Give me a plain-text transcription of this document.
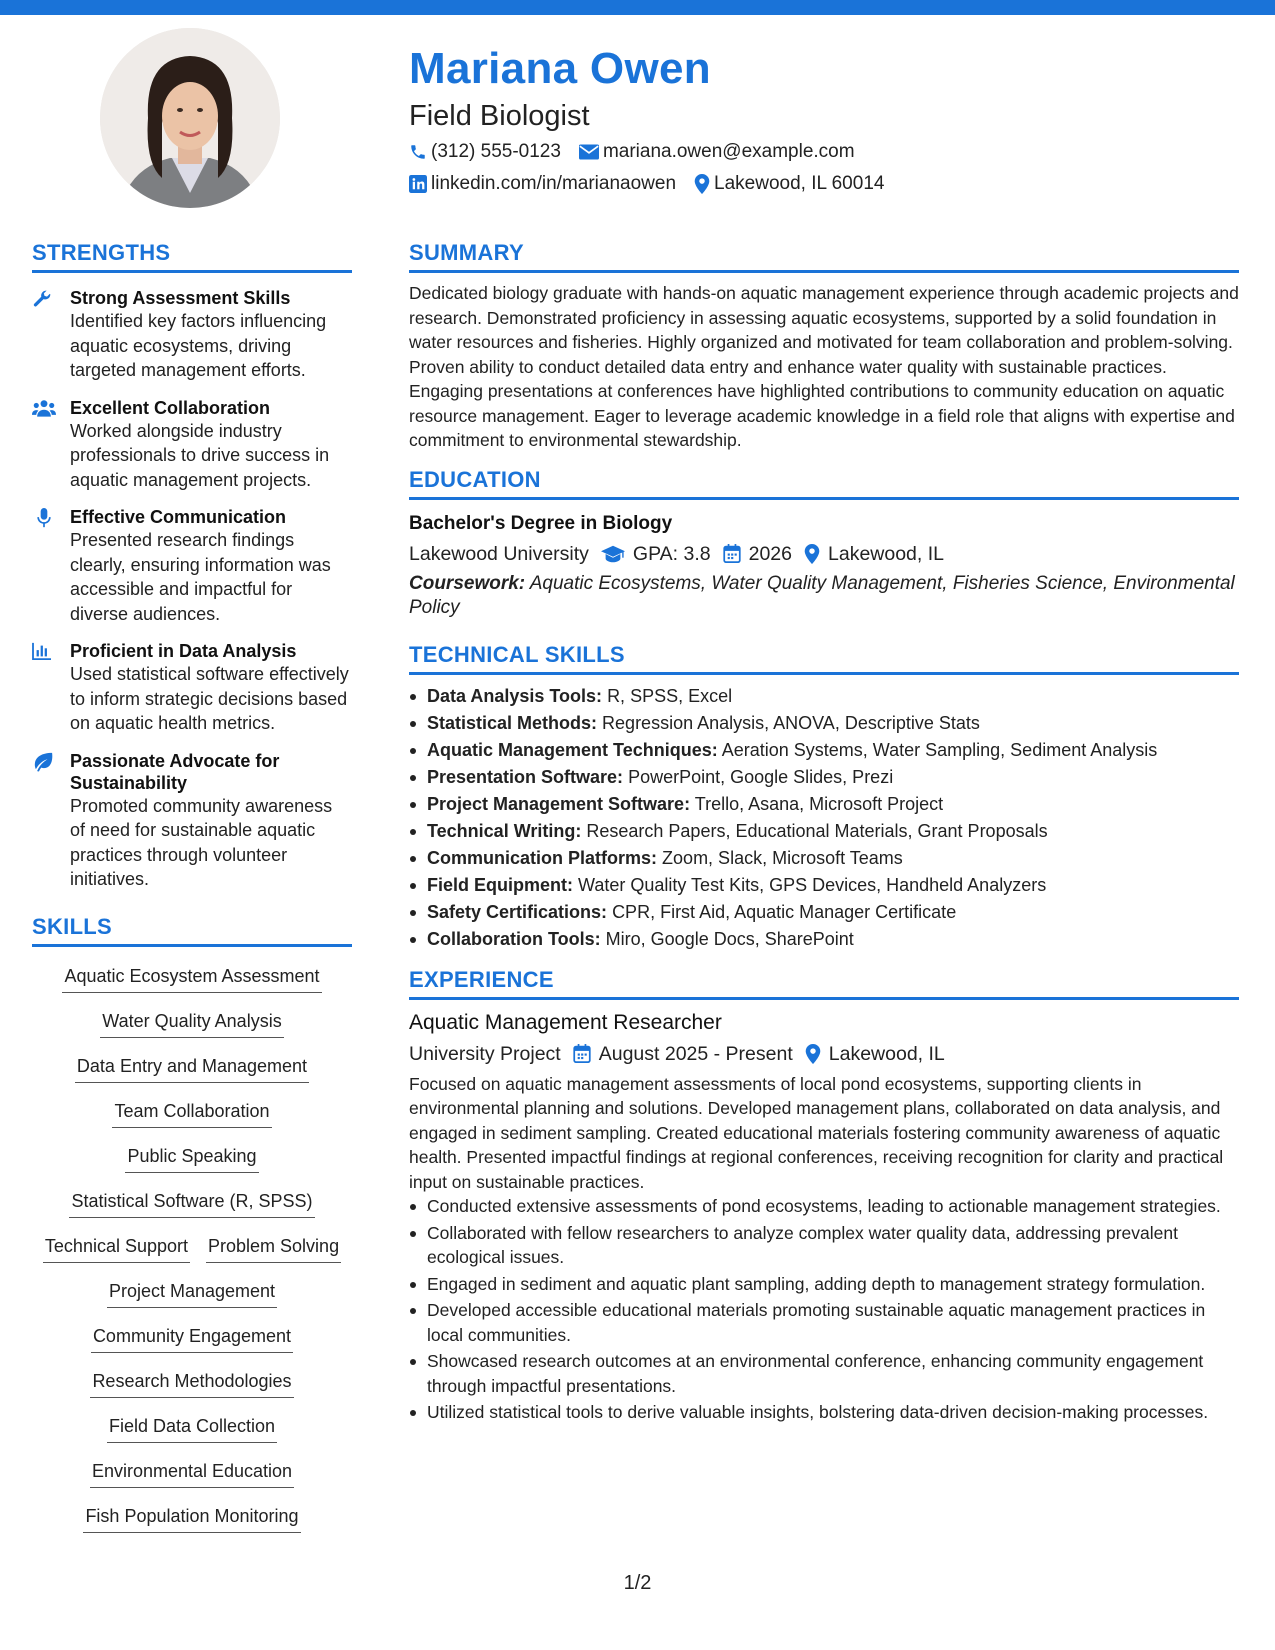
Mariana Owen
Field Biologist
(312) 555-0123 mariana.owen@example.com
linkedin.com/in/marianaowen Lakewood, IL 60014
STRENGTHS
Strong Assessment Skills
Identified key factors influencing aquatic ecosystems, driving targeted management efforts.
Excellent Collaboration
Worked alongside industry professionals to drive success in aquatic management projects.
Effective Communication
Presented research findings clearly, ensuring information was accessible and impactful for diverse audiences.
Proficient in Data Analysis
Used statistical software effectively to inform strategic decisions based on aquatic health metrics.
Passionate Advocate for Sustainability
Promoted community awareness of need for sustainable aquatic practices through volunteer initiatives.
SKILLS
Aquatic Ecosystem Assessment
Water Quality Analysis
Data Entry and Management
Team Collaboration
Public Speaking
Statistical Software (R, SPSS)
Technical Support Problem Solving
Project Management
Community Engagement
Research Methodologies
Field Data Collection
Environmental Education
Fish Population Monitoring
SUMMARY

Dedicated biology graduate with hands-on aquatic management experience through academic projects and research. Demonstrated proficiency in assessing aquatic ecosystems, supported by a solid foundation in water resources and fisheries. Highly organized and motivated for team collaboration and problem-solving. Proven ability to conduct detailed data entry and enhance water quality with sustainable practices. Engaging presentations at conferences have highlighted contributions to community education on aquatic resource management. Eager to leverage academic knowledge in a field role that aligns with expertise and commitment to environmental stewardship.

EDUCATION
Bachelor's Degree in Biology
Lakewood University GPA: 3.8 2026 Lakewood, IL
Coursework: Aquatic Ecosystems, Water Quality Management, Fisheries Science, Environmental Policy
TECHNICAL SKILLS
Data Analysis Tools: R, SPSS, Excel
Statistical Methods: Regression Analysis, ANOVA, Descriptive Stats
Aquatic Management Techniques: Aeration Systems, Water Sampling, Sediment Analysis
Presentation Software: PowerPoint, Google Slides, Prezi
Project Management Software: Trello, Asana, Microsoft Project
Technical Writing: Research Papers, Educational Materials, Grant Proposals
Communication Platforms: Zoom, Slack, Microsoft Teams
Field Equipment: Water Quality Test Kits, GPS Devices, Handheld Analyzers
Safety Certifications: CPR, First Aid, Aquatic Manager Certificate
Collaboration Tools: Miro, Google Docs, SharePoint
EXPERIENCE
Aquatic Management Researcher
University Project August 2025 - Present Lakewood, IL
Focused on aquatic management assessments of local pond ecosystems, supporting clients in environmental planning and solutions. Developed management plans, collaborated on data analysis, and engaged in sediment sampling. Created educational materials fostering community awareness of aquatic health. Presented impactful findings at regional conferences, receiving recognition for clarity and practical input on sustainable practices.
Conducted extensive assessments of pond ecosystems, leading to actionable management strategies.
Collaborated with fellow researchers to analyze complex water quality data, addressing prevalent ecological issues.
Engaged in sediment and aquatic plant sampling, adding depth to management strategy formulation.
Developed accessible educational materials promoting sustainable aquatic management practices in local communities.
Showcased research outcomes at an environmental conference, enhancing community engagement through impactful presentations.
Utilized statistical tools to derive valuable insights, bolstering data-driven decision-making processes.
1/2
